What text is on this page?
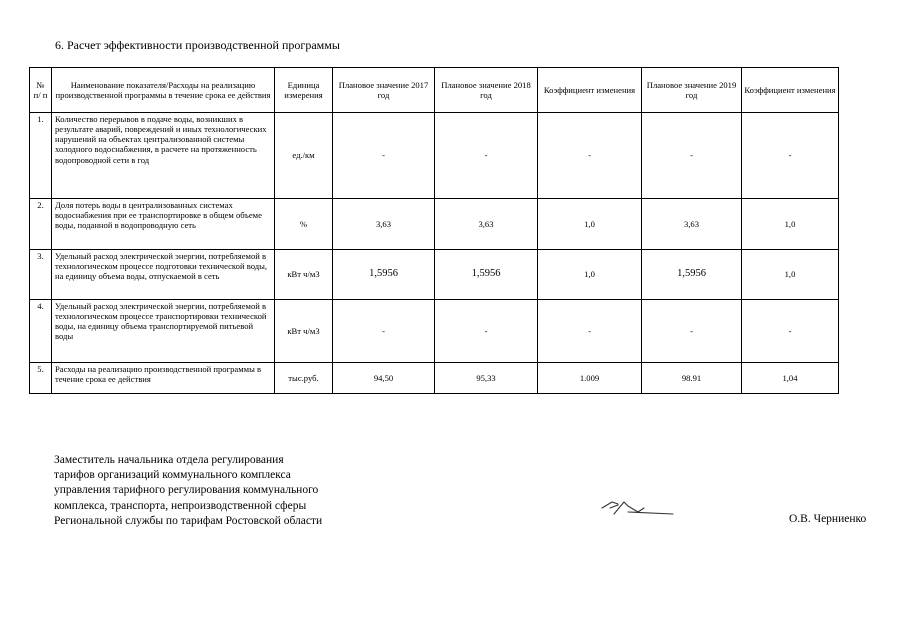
6. Расчет эффективности производственной программы
№ п/ п	Наименование показателя/Расходы на реализацию производственной программы в течение срока ее действия	Единица измерения	Плановое значение 2017 год	Плановое значение 2018 год	Коэффициент изменения	Плановое значение 2019 год	Коэффициент изменения
1.	Количество перерывов в подаче воды, возникших в результате аварий, повреждений и иных технологических нарушений на объектах централизованной системы холодного водоснабжения, в расчете на протяженность водопроводной сети в год	ед./км	-	-	-	-	-
2.	Доля потерь воды в централизованных системах водоснабжения при ее транспортировке в общем объеме воды, поданной в водопроводную сеть	%	3,63	3,63	1,0	3,63	1,0
3.	Удельный расход электрической энергии, потребляемой в технологическом процессе подготовки технической воды, на единицу объема воды, отпускаемой в сеть	кВт ч/м3	1,5956	1,5956	1,0	1,5956	1,0
4.	Удельный расход электрической энергии, потребляемой в технологическом процессе транспортировки технической воды, на единицу объема транспортируемой питьевой воды	кВт ч/м3	-	-	-	-	-
5.	Расходы на реализацию производственной программы в течение срока ее действия	тыс.руб.	94,50	95,33	1.009	98.91	1,04
Заместитель начальника отдела регулирования
тарифов организаций коммунального комплекса
управления тарифного регулирования коммунального
комплекса, транспорта, непроизводственной сферы
Региональной службы по тарифам Ростовской области	О.В. Черниенко
